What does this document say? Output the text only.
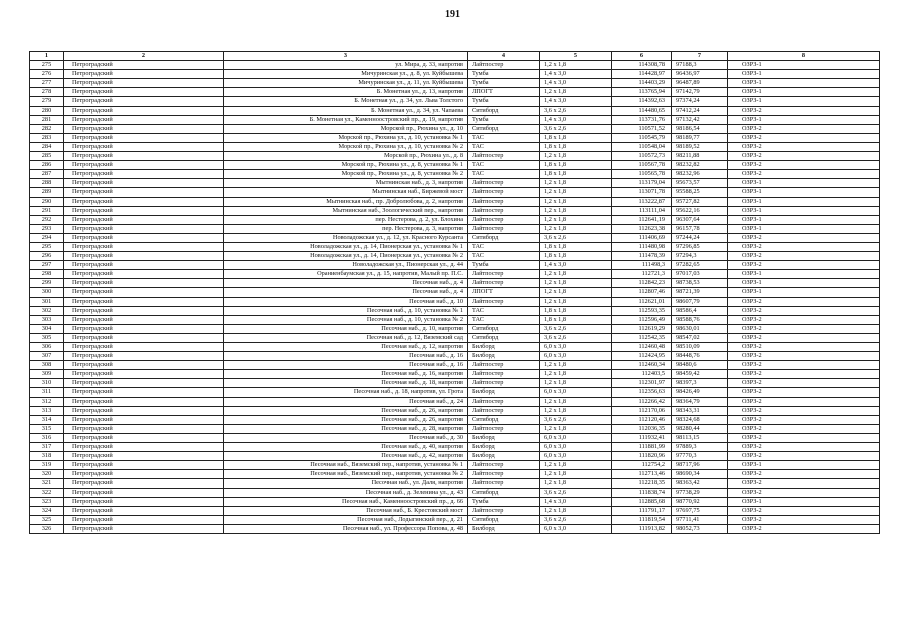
191
1	2	3	4	5	6	7	8
275	Петроградский	ул. Мира, д. 33, напротив	Лайтпостер	1,2 х 1,8	114308,78	97188,3	ОЗРЗ-1
276	Петроградский	Мичуринская ул., д. 8, ул. Куйбышева	Тумба	1,4 х 3,0	114428,97	96436,97	ОЗРЗ-1
277	Петроградский	Мичуринская ул., д. 11, ул. Куйбышева	Тумба	1,4 х 3,0	114403,29	96487,89	ОЗРЗ-1
278	Петроградский	Б. Монетная ул., д. 13, напротив	ЛПОГТ	1,2 х 1,8	113765,94	97142,79	ОЗРЗ-1
279	Петроградский	Б. Монетная ул., д. 34, ул. Льва Толстого	Тумба	1,4 х 3,0	114392,63	97374,24	ОЗРЗ-1
280	Петроградский	Б. Монетная ул., д. 34, ул. Чапаева	Ситиборд	3,6 х 2,6	114480,65	97412,24	ОЗРЗ-2
281	Петроградский	Б. Монетная ул., Каменноостровский пр., д. 19, напротив	Тумба	1,4 х 3,0	113731,76	97132,42	ОЗРЗ-1
282	Петроградский	Морской пр., Рюхина ул., д. 10	Ситиборд	3,6 х 2,6	110571,52	98186,54	ОЗРЗ-2
283	Петроградский	Морской пр., Рюхина ул., д. 10, установка № 1	ТАС	1,8 х 1,8	110545,79	98189,77	ОЗРЗ-2
284	Петроградский	Морской пр., Рюхина ул., д. 10, установка № 2	ТАС	1,8 х 1,8	110548,04	98189,52	ОЗРЗ-2
285	Петроградский	Морской пр., Рюхина ул., д. 8	Лайтпостер	1,2 х 1,8	110572,73	98211,88	ОЗРЗ-2
286	Петроградский	Морской пр., Рюхина ул., д. 8, установка № 1	ТАС	1,8 х 1,8	110567,78	98232,82	ОЗРЗ-2
287	Петроградский	Морской пр., Рюхина ул., д. 8, установка № 2	ТАС	1,8 х 1,8	110565,78	98232,96	ОЗРЗ-2
288	Петроградский	Мытнинская наб., д. 3, напротив	Лайтпостер	1,2 х 1,8	113179,04	95673,57	ОЗРЗ-1
289	Петроградский	Мытнинская наб., Биржевой мост	Лайтпостер	1,2 х 1,8	113071,78	95588,25	ОЗРЗ-1
290	Петроградский	Мытнинская наб., пр. Добролюбова, д. 2, напротив	Лайтпостер	1,2 х 1,8	113222,87	95727,82	ОЗРЗ-1
291	Петроградский	Мытнинская наб., Зоологический пер., напротив	Лайтпостер	1,2 х 1,8	113111,04	95622,16	ОЗРЗ-1
292	Петроградский	пер. Нестерова, д. 2, ул. Блохина	Лайтпостер	1,2 х 1,8	112641,19	96307,64	ОЗРЗ-1
293	Петроградский	пер. Нестерова, д. 3, напротив	Лайтпостер	1,2 х 1,8	112623,38	96157,78	ОЗРЗ-1
294	Петроградский	Новоладожская ул., д. 12, ул. Красного Курсанта	Ситиборд	3,6 х 2,6	111406,69	97244,24	ОЗРЗ-2
295	Петроградский	Новоладожская ул., д. 14, Пионерская ул., установка № 1	ТАС	1,8 х 1,8	111480,98	97296,85	ОЗРЗ-2
296	Петроградский	Новоладожская ул., д. 14, Пионерская ул., установка № 2	ТАС	1,8 х 1,8	111478,39	97294,3	ОЗРЗ-2
297	Петроградский	Новоладожская ул., Пионерская ул., д. 44	Тумба	1,4 х 3,0	111498,3	97282,65	ОЗРЗ-2
298	Петроградский	Ораниенбаумская ул., д. 15, напротив, Малый пр. П.С.	Лайтпостер	1,2 х 1,8	112721,3	97017,03	ОЗРЗ-1
299	Петроградский	Песочная наб., д. 4	Лайтпостер	1,2 х 1,8	112842,23	98738,53	ОЗРЗ-1
300	Петроградский	Песочная наб., д. 4	ЛПОГТ	1,2 х 1,8	112807,46	98721,39	ОЗРЗ-1
301	Петроградский	Песочная наб., д. 10	Лайтпостер	1,2 х 1,8	112621,01	98607,79	ОЗРЗ-2
302	Петроградский	Песочная наб., д. 10, установка № 1	ТАС	1,8 х 1,8	112593,35	98586,4	ОЗРЗ-2
303	Петроградский	Песочная наб., д. 10, установка № 2	ТАС	1,8 х 1,8	112596,49	98588,76	ОЗРЗ-2
304	Петроградский	Песочная наб., д. 10, напротив	Ситиборд	3,6 х 2,6	112619,29	98630,01	ОЗРЗ-2
305	Петроградский	Песочная наб., д. 12, Вяземский сад	Ситиборд	3,6 х 2,6	112542,35	98547,02	ОЗРЗ-2
306	Петроградский	Песочная наб., д. 12, напротив	Билборд	6,0 х 3,0	112460,48	98510,09	ОЗРЗ-2
307	Петроградский	Песочная наб., д. 16	Билборд	6,0 х 3,0	112424,95	98448,76	ОЗРЗ-2
308	Петроградский	Песочная наб., д. 16	Лайтпостер	1,2 х 1,8	112460,34	98480,6	ОЗРЗ-2
309	Петроградский	Песочная наб., д. 16, напротив	Лайтпостер	1,2 х 1,8	112403,5	98459,42	ОЗРЗ-2
310	Петроградский	Песочная наб., д. 18, напротив	Лайтпостер	1,2 х 1,8	112301,97	98397,3	ОЗРЗ-2
311	Петроградский	Песочная наб., д. 18, напротив, ул. Грота	Билборд	6,0 х 3,0	112356,63	98426,49	ОЗРЗ-2
312	Петроградский	Песочная наб., д. 24	Лайтпостер	1,2 х 1,8	112266,42	98364,79	ОЗРЗ-2
313	Петроградский	Песочная наб., д. 26, напротив	Лайтпостер	1,2 х 1,8	112170,06	98343,31	ОЗРЗ-2
314	Петроградский	Песочная наб., д. 26, напротив	Ситиборд	3,6 х 2,6	112120,46	98324,68	ОЗРЗ-2
315	Петроградский	Песочная наб., д. 28, напротив	Лайтпостер	1,2 х 1,8	112036,35	98280,44	ОЗРЗ-2
316	Петроградский	Песочная наб., д. 30	Билборд	6,0 х 3,0	111932,41	98113,15	ОЗРЗ-2
317	Петроградский	Песочная наб., д. 40, напротив	Билборд	6,0 х 3,0	111881,99	97889,3	ОЗРЗ-2
318	Петроградский	Песочная наб., д. 42, напротив	Билборд	6,0 х 3,0	111820,96	97770,3	ОЗРЗ-2
319	Петроградский	Песочная наб., Вяземский пер., напротив, установка № 1	Лайтпостер	1,2 х 1,8	112754,2	98717,96	ОЗРЗ-1
320	Петроградский	Песочная наб., Вяземский пер., напротив, установка № 2	Лайтпостер	1,2 х 1,8	112713,46	98690,34	ОЗРЗ-2
321	Петроградский	Песочная наб., ул. Даля, напротив	Лайтпостер	1,2 х 1,8	112218,35	98363,42	ОЗРЗ-2
322	Петроградский	Песочная наб., д. Зеленина ул., д. 43	Ситиборд	3,6 х 2,6	111838,74	97738,29	ОЗРЗ-2
323	Петроградский	Песочная наб., Каменноостровский пр., д. 66	Тумба	1,4 х 3,0	112885,68	98770,92	ОЗРЗ-1
324	Петроградский	Песочная наб., Б. Крестовский мост	Лайтпостер	1,2 х 1,8	111791,17	97697,75	ОЗРЗ-2
325	Петроградский	Песочная наб., Лодыгинский пер., д. 21	Ситиборд	3,6 х 2,6	111819,54	97711,41	ОЗРЗ-2
326	Петроградский	Песочная наб., ул. Профессора Попова, д. 48	Билборд	6,0 х 3,0	111913,82	98052,73	ОЗРЗ-2
